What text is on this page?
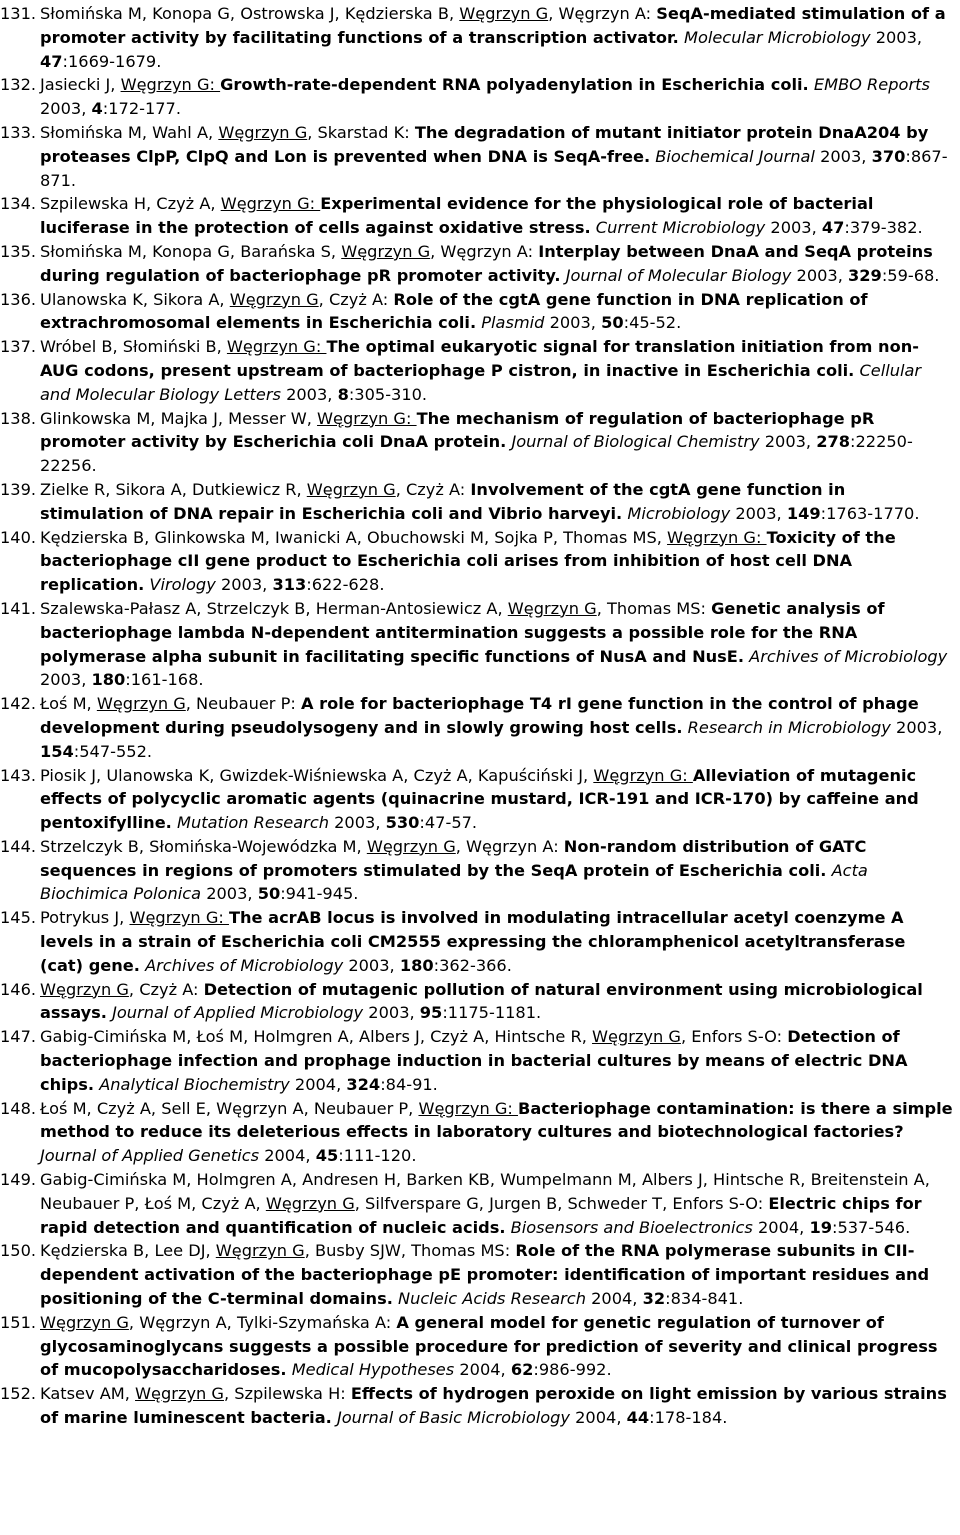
131. Słomińska M, Konopa G, Ostrowska J, Kędzierska B, Węgrzyn G, Węgrzyn A: SeqA-mediated stimulation of a promoter activity by facilitating functions of a transcription activator. Molecular Microbiology 2003, 47:1669-1679.
132. Jasiecki J, Węgrzyn G: Growth-rate-dependent RNA polyadenylation in Escherichia coli. EMBO Reports 2003, 4:172-177.
133. Słomińska M, Wahl A, Węgrzyn G, Skarstad K: The degradation of mutant initiator protein DnaA204 by proteases ClpP, ClpQ and Lon is prevented when DNA is SeqA-free. Biochemical Journal 2003, 370:867-871.
134. Szpilewska H, Czyż A, Węgrzyn G: Experimental evidence for the physiological role of bacterial luciferase in the protection of cells against oxidative stress. Current Microbiology 2003, 47:379-382.
135. Słomińska M, Konopa G, Barańska S, Węgrzyn G, Węgrzyn A: Interplay between DnaA and SeqA proteins during regulation of bacteriophage pR promoter activity. Journal of Molecular Biology 2003, 329:59-68.
136. Ulanowska K, Sikora A, Węgrzyn G, Czyż A: Role of the cgtA gene function in DNA replication of extrachromosomal elements in Escherichia coli. Plasmid 2003, 50:45-52.
137. Wróbel B, Słomiński B, Węgrzyn G: The optimal eukaryotic signal for translation initiation from non-AUG codons, present upstream of bacteriophage P cistron, in inactive in Escherichia coli. Cellular and Molecular Biology Letters 2003, 8:305-310.
138. Glinkowska M, Majka J, Messer W, Węgrzyn G: The mechanism of regulation of bacteriophage pR promoter activity by Escherichia coli DnaA protein. Journal of Biological Chemistry 2003, 278:22250-22256.
139. Zielke R, Sikora A, Dutkiewicz R, Węgrzyn G, Czyż A: Involvement of the cgtA gene function in stimulation of DNA repair in Escherichia coli and Vibrio harveyi. Microbiology 2003, 149:1763-1770.
140. Kędzierska B, Glinkowska M, Iwanicki A, Obuchowski M, Sojka P, Thomas MS, Węgrzyn G: Toxicity of the bacteriophage cII gene product to Escherichia coli arises from inhibition of host cell DNA replication. Virology 2003, 313:622-628.
141. Szalewska-Pałasz A, Strzelczyk B, Herman-Antosiewicz A, Węgrzyn G, Thomas MS: Genetic analysis of bacteriophage lambda N-dependent antitermination suggests a possible role for the RNA polymerase alpha subunit in facilitating specific functions of NusA and NusE. Archives of Microbiology 2003, 180:161-168.
142. Łoś M, Węgrzyn G, Neubauer P: A role for bacteriophage T4 rI gene function in the control of phage development during pseudolysogeny and in slowly growing host cells. Research in Microbiology 2003, 154:547-552.
143. Piosik J, Ulanowska K, Gwizdek-Wiśniewska A, Czyż A, Kapuściński J, Węgrzyn G: Alleviation of mutagenic effects of polycyclic aromatic agents (quinacrine mustard, ICR-191 and ICR-170) by caffeine and pentoxifylline. Mutation Research 2003, 530:47-57.
144. Strzelczyk B, Słomińska-Wojewódzka M, Węgrzyn G, Węgrzyn A: Non-random distribution of GATC sequences in regions of promoters stimulated by the SeqA protein of Escherichia coli. Acta Biochimica Polonica 2003, 50:941-945.
145. Potrykus J, Węgrzyn G: The acrAB locus is involved in modulating intracellular acetyl coenzyme A levels in a strain of Escherichia coli CM2555 expressing the chloramphenicol acetyltransferase (cat) gene. Archives of Microbiology 2003, 180:362-366.
146. Węgrzyn G, Czyż A: Detection of mutagenic pollution of natural environment using microbiological assays. Journal of Applied Microbiology 2003, 95:1175-1181.
147. Gabig-Cimińska M, Łoś M, Holmgren A, Albers J, Czyż A, Hintsche R, Węgrzyn G, Enfors S-O: Detection of bacteriophage infection and prophage induction in bacterial cultures by means of electric DNA chips. Analytical Biochemistry 2004, 324:84-91.
148. Łoś M, Czyż A, Sell E, Węgrzyn A, Neubauer P, Węgrzyn G: Bacteriophage contamination: is there a simple method to reduce its deleterious effects in laboratory cultures and biotechnological factories? Journal of Applied Genetics 2004, 45:111-120.
149. Gabig-Cimińska M, Holmgren A, Andresen H, Barken KB, Wumpelmann M, Albers J, Hintsche R, Breitenstein A, Neubauer P, Łoś M, Czyż A, Węgrzyn G, Silfverspare G, Jurgen B, Schweder T, Enfors S-O: Electric chips for rapid detection and quantification of nucleic acids. Biosensors and Bioelectronics 2004, 19:537-546.
150. Kędzierska B, Lee DJ, Węgrzyn G, Busby SJW, Thomas MS: Role of the RNA polymerase subunits in CII-dependent activation of the bacteriophage pE promoter: identification of important residues and positioning of the C-terminal domains. Nucleic Acids Research 2004, 32:834-841.
151. Węgrzyn G, Węgrzyn A, Tylki-Szymańska A: A general model for genetic regulation of turnover of glycosaminoglycans suggests a possible procedure for prediction of severity and clinical progress of mucopolysaccharidoses. Medical Hypotheses 2004, 62:986-992.
152. Katsev AM, Węgrzyn G, Szpilewska H: Effects of hydrogen peroxide on light emission by various strains of marine luminescent bacteria. Journal of Basic Microbiology 2004, 44:178-184.
